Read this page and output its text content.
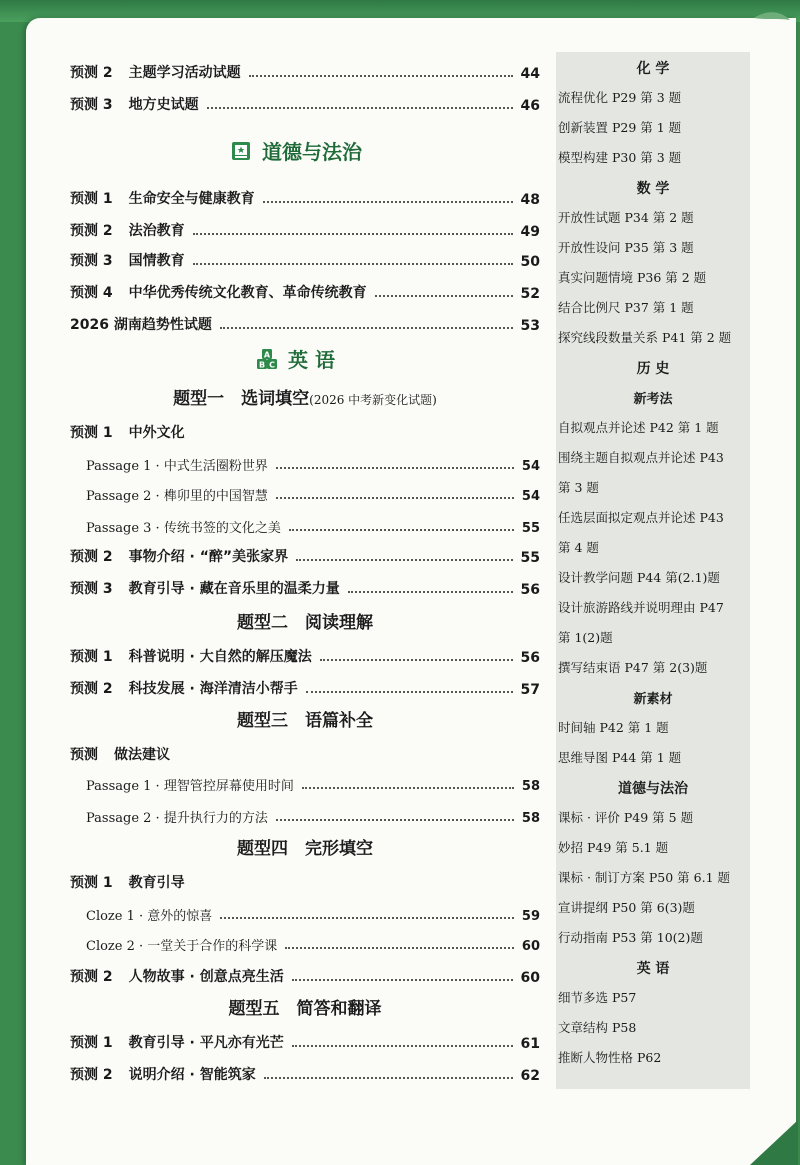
预测 2 主题学习活动试题	44
预测 3 地方史试题	46
预测 1 生命安全与健康教育	48
预测 2 法治教育	49
预测 3 国情教育	50
预测 4 中华优秀传统文化教育、革命传统教育	52
2026 湖南趋势性试题	53
预测 1 中外文化
Passage 1 · 中式生活圈粉世界	54
Passage 2 · 榫卯里的中国智慧	54
Passage 3 · 传统书签的文化之美	55
预测 2 事物介绍 · “醉”美张家界	55
预测 3 教育引导 · 藏在音乐里的温柔力量	56
预测 1 科普说明 · 大自然的解压魔法	56
预测 2 科技发展 · 海洋清洁小帮手	57
预测 做法建议
Passage 1 · 理智管控屏幕使用时间	58
Passage 2 · 提升执行力的方法	58
预测 1 教育引导
Cloze 1 · 意外的惊喜	59
Cloze 2 · 一堂关于合作的科学课	60
预测 2 人物故事 · 创意点亮生活	60
预测 1 教育引导 · 平凡亦有光芒	61
预测 2 说明介绍 · 智能筑家	62
化 学
流程优化 P29 第 3 题
创新装置 P29 第 1 题
模型构建 P30 第 3 题
数 学
开放性试题 P34 第 2 题
开放性设问 P35 第 3 题
真实问题情境 P36 第 2 题
结合比例尺 P37 第 1 题
探究线段数量关系 P41 第 2 题
历 史
新考法
自拟观点并论述 P42 第 1 题
围绕主题自拟观点并论述 P43
第 3 题
任选层面拟定观点并论述 P43
第 4 题
设计教学问题 P44 第(2.1)题
设计旅游路线并说明理由 P47
第 1(2)题
撰写结束语 P47 第 2(3)题
新素材
时间轴 P42 第 1 题
思维导图 P44 第 1 题
道德与法治
课标 · 评价 P49 第 5 题
妙招 P49 第 5.1 题
课标 · 制订方案 P50 第 6.1 题
宣讲提纲 P50 第 6(3)题
行动指南 P53 第 10(2)题
英 语
细节多选 P57
文章结构 P58
推断人物性格 P62
道德与法治
A
B C 英 语
题型一　选词填空(2026 中考新变化试题)
题型二　阅读理解
题型三　语篇补全
题型四　完形填空
题型五　简答和翻译
